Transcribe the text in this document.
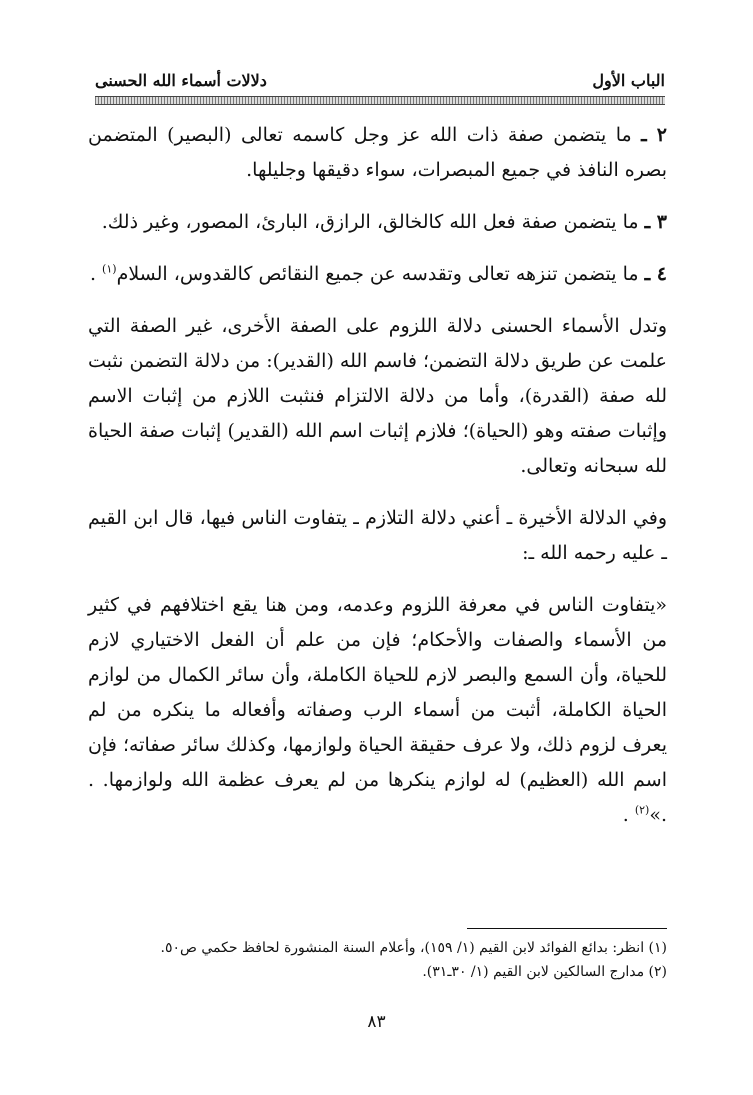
الباب الأول
دلالات أسماء الله الحسنى

٢ ـ ما يتضمن صفة ذات الله عز وجل كاسمه تعالى (البصير) المتضمن بصره النافذ في جميع المبصرات، سواء دقيقها وجليلها.

٣ ـ ما يتضمن صفة فعل الله كالخالق، الرازق، البارئ، المصور، وغير ذلك.

٤ ـ ما يتضمن تنزهه تعالى وتقدسه عن جميع النقائص كالقدوس، السلام$^{(١)}$ .

وتدل الأسماء الحسنى دلالة اللزوم على الصفة الأخرى، غير الصفة التي علمت عن طريق دلالة التضمن؛ فاسم الله (القدير): من دلالة التضمن نثبت لله صفة (القدرة)، وأما من دلالة الالتزام فنثبت اللازم من إثبات الاسم وإثبات صفته وهو (الحياة)؛ فلازم إثبات اسم الله (القدير) إثبات صفة الحياة لله سبحانه وتعالى.

وفي الدلالة الأخيرة ـ أعني دلالة التلازم ـ يتفاوت الناس فيها، قال ابن القيم ـ عليه رحمه الله ـ:

«يتفاوت الناس في معرفة اللزوم وعدمه، ومن هنا يقع اختلافهم في كثير من الأسماء والصفات والأحكام؛ فإن من علم أن الفعل الاختياري لازم للحياة، وأن السمع والبصر لازم للحياة الكاملة، وأن سائر الكمال من لوازم الحياة الكاملة، أثبت من أسماء الرب وصفاته وأفعاله ما ينكره من لم يعرف لزوم ذلك، ولا عرف حقيقة الحياة ولوازمها، وكذلك سائر صفاته؛ فإن اسم الله (العظيم) له لوازم ينكرها من لم يعرف عظمة الله ولوازمها. . .»$^{(٢)}$ .

(١) انظر: بدائع الفوائد لابن القيم (١/ ١٥٩)، وأعلام السنة المنشورة لحافظ حكمي ص٥٠.
(٢) مدارج السالكين لابن القيم (١/ ٣٠ـ٣١).
٨٣
